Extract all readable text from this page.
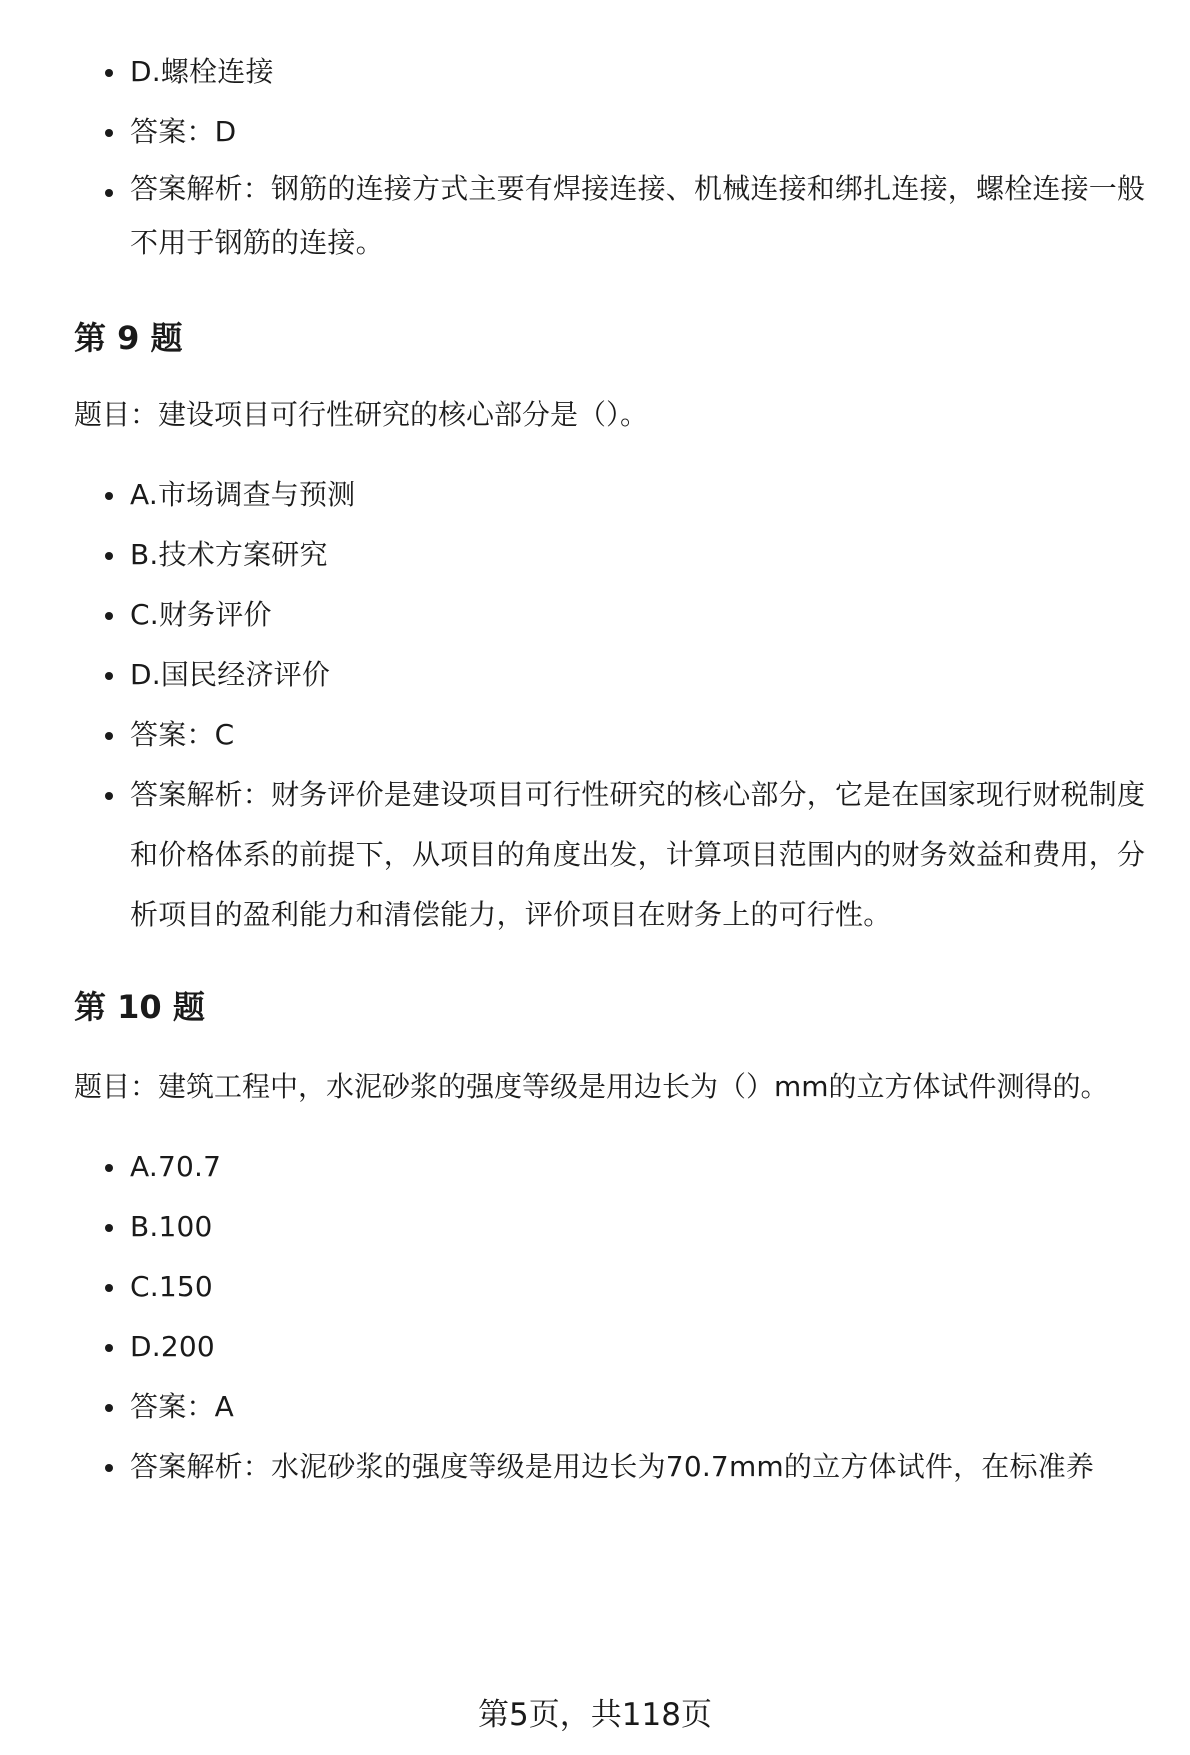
D.螺栓连接
答案：D
答案解析：钢筋的连接方式主要有焊接连接、机械连接和绑扎连接，螺栓连接一般不用于钢筋的连接。
第 9 题

题目：建设项目可行性研究的核心部分是（）。

A.市场调查与预测
B.技术方案研究
C.财务评价
D.国民经济评价
答案：C
答案解析：财务评价是建设项目可行性研究的核心部分，它是在国家现行财税制度和价格体系的前提下，从项目的角度出发，计算项目范围内的财务效益和费用，分析项目的盈利能力和清偿能力，评价项目在财务上的可行性。
第 10 题

题目：建筑工程中，水泥砂浆的强度等级是用边长为（）mm的立方体试件测得的。

A.70.7
B.100
C.150
D.200
答案：A
答案解析：水泥砂浆的强度等级是用边长为70.7mm的立方体试件，在标准养
第5页，共118页
